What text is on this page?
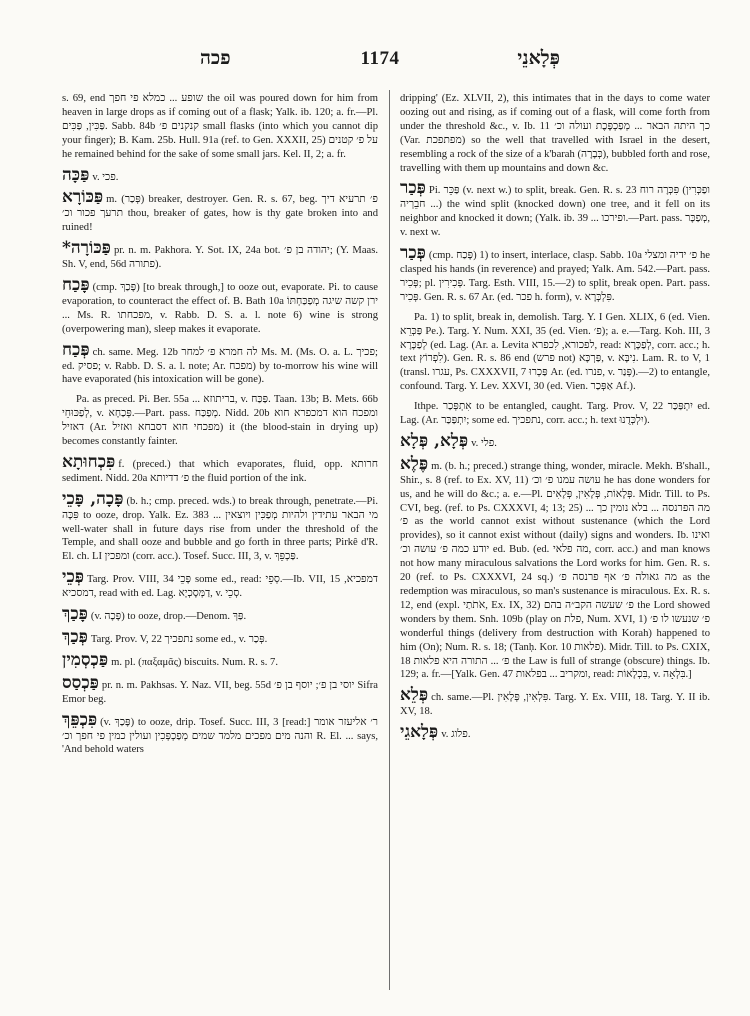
פכה	1174	פְּלָאנֵי

s. 69, end שופע ... כמלא פי חפך the oil was poured down for him from heaven in large drops as if coming out of a flask; Yalk. ib. 120; a. fr.—Pl. פַּכִּין, פַּכִּים. Sabb. 84b קנקנים פ׳ small flasks (into which you cannot dip your finger); B. Kam. 25b. Hull. 91a (ref. to Gen. XXXII, 25) על פ׳ קטנים he remained behind for the sake of some small jars. Kel. II, 2; a. fr.

פַּכָּה v. פכי.

פַּכּוֹרָא m. (פְּכַר) breaker, destroyer. Gen. R. s. 67, beg. פ׳ תרעיא דיך תרעך פכור וכ׳ thou, breaker of gates, how is thy gate broken into and ruined!

פַּכּוֹרָה* pr. n. m. Pakhora. Y. Sot. IX, 24a bot. יהודה בן פ׳; (Y. Maas. Sh. V, end, 56d פתורה).

פָּכַח (cmp. פָּכַךְ) [to break through,] to ooze out, evaporate. Pi. to cause evaporation, to counteract the effect of. B. Bath 10a ירן קשה שיגה מְפַכַּחְתּוֹ ... Ms. R. מפכחתו, v. Rabb. D. S. a. l. note 6) wine is strong (overpowering man), sleep makes it evaporate.

פְּכַח ch. same. Meg. 12b לה חמרא פ׳ למחר Ms. M. (Ms. O. a. L. פכיך; ed. פסיק; v. Rabb. D. S. a. l. note; Ar. מפכח) by to-morrow his wine will have evaporated (his intoxication will be gone).

Pa. as preced. Pi. Ber. 55a ... בריתוזא, v. פַּכַּח. Taan. 13b; B. Mets. 66b לְפַכּוּחֵי, v. פְּכַחָא.—Part. pass. מְפַכַּח. Nidd. 20b ומפכח הוא דמכפרא חוא דאזיל (Ar. מפכחי חוא דסבחא ואזיל) it (the blood-stain in drying up) becomes constantly fainter.

פִּכְחוּתָא f. (preced.) that which evaporates, fluid, opp. חרותא sediment. Nidd. 20a פ׳ דדיותא the fluid portion of the ink.

פָּכָה, פָּכֵי (b. h.; cmp. preced. wds.) to break through, penetrate.—Pi. פִּכָּה to ooze, drop. Yalk. Ez. 383 ... מי הבאר עתידין ולהיות מְפַכִּין ויוצאין well-water shall in future days rise from under the threshold of the Temple, and shall ooze and bubble and go forth in three parts; Pirkê d'R. El. ch. LI ומפכין (corr. acc.). Tosef. Succ. III, 3, v. פַּכְפֵּךְ.

פְּכֵי Targ. Prov. VIII, 34 פָּכֵי some ed., read: סְפֵי.—Ib. VII, 15 דמפכיא, דמסכיא, read with ed. Lag. דַמְּסָכְיָא, v. סְכֵי.

פָּכַךְ (v. פָּכָה) to ooze, drop.—Denom. פַּךְ.

פְּכַךְ Targ. Prov. V, 22 נתפכיך some ed., v. פְּכַר.

פַּכְסְמִין m. pl. (παξαμᾶς) biscuits. Num. R. s. 7.

פַּכְסַס pr. n. m. Pakhsas. Y. Naz. VII, beg. 55d יוסי בן פ׳; יוסף בן פ׳ Sifra Emor beg.

פִּכְפֵּךְ (v. פָּכַךְ) to ooze, drip. Tosef. Succ. III, 3 [read:] ר׳ אליעזר אומר והנה מים מפכים מלמד שמים מְפַכְפְּכִין ועולין כמין פי חפך וכ׳ R. El. ... says, 'And behold waters

dripping' (Ez. XLVII, 2), this intimates that in the days to come water oozing out and rising, as if coming out of a flask, will come forth from under the threshold &c., v. Ib. 11 כך היתה הבאר ... מְפַכְפֶּכֶת ועולה וכ׳ (Var. מפתפכת) so the well that travelled with Israel in the desert, resembling a rock of the size of a k'barah (כְּבָרָה), bubbled forth and rose, travelling with them up mountains and down &c.

פְּכַר Pi. פַּכֵּר (v. next w.) to split, break. Gen. R. s. 23 ופַכְּרִין) פִּכְּרָה רוח ... חבֵרְיה) the wind split (knocked down) one tree, and it fell on its neighbor and knocked it down; (Yalk. ib. 39 ... ופירכו.—Part. pass. מְפַכָּר, v. next w.

פְּכַר (cmp. פָּכַח) 1) to insert, interlace, clasp. Sabb. 10a פ׳ ידיה ומצלי he clasped his hands (in reverence) and prayed; Yalk. Am. 542.—Part. pass. פְּכִיר; pl. פְּכִירִין. Targ. Esth. VIII, 15.—2) to split, break open. Part. pass. פְּכִיר. Gen. R. s. 67 Ar. (ed. פכר h. form), v. פִּלְכְּרָא.

Pa. 1) to split, break in, demolish. Targ. Y. I Gen. XLIX, 6 (ed. Vien. פַּכְּרֵא Pe.). Targ. Y. Num. XXI, 35 (ed. Vien. פ׳); a. e.—Targ. Koh. III, 3 לְפַכָּרָא (ed. Lag. (Ar. a. Levita לפכורא, לִכפרא, read: לְפַכָּרָא, corr. acc.; h. text לִפְרוֹץ). Gen. R. s. 86 end (פרש not) פַּרְכָּא, v. נִיבָּא. Lam. R. to V, 1 (transl. עגרו, Ps. CXXXVII, 7 פַּכְרוּ Ar. (ed. פנרו, v. פְּנַר).—2) to entangle, confound. Targ. Y. Lev. XXVI, 30 (ed. Vien. אַפְּכַר Af.).

Ithpe. אִתְפְּכַר to be entangled, caught. Targ. Prov. V, 22 יִתְפַּכַּר ed. Lag. (Ar. יִתְפַּכַּר; some ed. נתפכיך, corr. acc.; h. text יִלְכְּדֻנוּ).

פְּלָא, פְּלָא v. פלי.

פֶּלֶא m. (b. h.; preced.) strange thing, wonder, miracle. Mekh. B'shall., Shir., s. 8 (ref. to Ex. XV, 11) עושה עמנו פ׳ וכ׳ he has done wonders for us, and he will do &c.; a. e.—Pl. פְּלָאוֹת, פְּלָאִין, פְּלָאִים. Midr. Till. to Ps. CVI, beg. (ref. to Ps. CXXXVI, 4; 13; 25) ... מה הפרנסה ... בלא נומין כך פ׳ as the world cannot exist without sustenance (which the Lord provides), so it cannot exist without (daily) signs and wonders. Ib. ואינו יודע כמה פ׳ עושה וכ׳ ed. Bub. (ed. מה פלאי, corr. acc.) and man knows not how many miraculous salvations the Lord works for him. Gen. R. s. 20 (ref. to Ps. CXXXVI, 24 sq.) מה גאולה פ׳ אף פרנסה פ׳ as the redemption was miraculous, so man's sustenance is miraculous. Ex. R. s. 12, end (expl. אֹתֹתַי, Ex. IX, 32) פ׳ שעשה הקב״ה בהם the Lord showed wonders by them. Snh. 109b (play on פלת, Num. XVI, 1) פ׳ שנעשו לו פ׳ wonderful things (delivery from destruction with Korah) happened to him (On); Num. R. s. 18; (Tanḥ. Kor. 10 פלאות). Midr. Till. to Ps. CXIX, 18 פ׳ ... התורה היא פלאות the Law is full of strange (obscure) things. Ib. 129; a. fr.—[Yalk. Gen. 47 ומקריב ... בפלאות, read: בִּכְלָאוֹת, v. בִּלְאָה.]

פְּלֵא ch. same.—Pl. פִּלְאִין, פְּלָאִין. Targ. Y. Ex. VIII, 18. Targ. Y. II ib. XV, 18.

פְּלָאגֵי v. פלוג.
